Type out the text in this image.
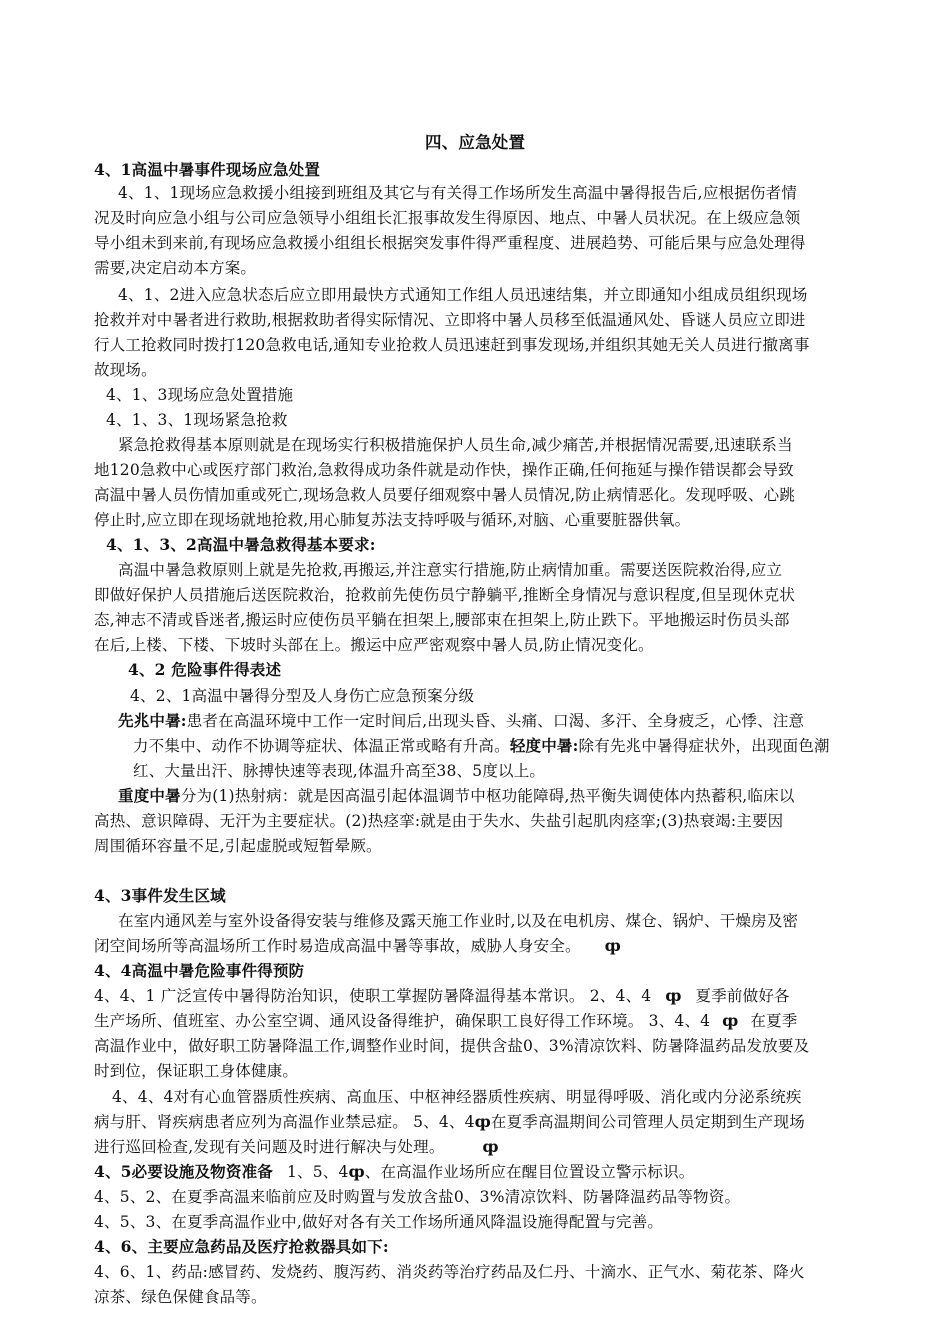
四、应急处置
4、1高温中暑事件现场应急处置
4、1、1现场应急救援小组接到班组及其它与有关得工作场所发生高温中暑得报告后,应根据伤者情
况及时向应急小组与公司应急领导小组组长汇报事故发生得原因、地点、中暑人员状况。在上级应急领
导小组未到来前,有现场应急救援小组组长根据突发事件得严重程度、进展趋势、可能后果与应急处理得
需要,决定启动本方案。
4、1、2进入应急状态后应立即用最快方式通知工作组人员迅速结集，并立即通知小组成员组织现场
抢救并对中暑者进行救助,根据救助者得实际情况、立即将中暑人员移至低温通风处、昏谜人员应立即进
行人工抢救同时拨打120急救电话,通知专业抢救人员迅速赶到事发现场,并组织其她无关人员进行撤离事
故现场。
4、1、3现场应急处置措施
4、1、3、1现场紧急抢救
紧急抢救得基本原则就是在现场实行积极措施保护人员生命,减少痛苦,并根据情况需要,迅速联系当
地120急救中心或医疗部门救治,急救得成功条件就是动作快，操作正确,任何拖延与操作错误都会导致
高温中暑人员伤情加重或死亡,现场急救人员要仔细观察中暑人员情况,防止病情恶化。发现呼吸、心跳
停止时,应立即在现场就地抢救,用心肺复苏法支持呼吸与循环,对脑、心重要脏器供氧。
4、1、3、2高温中暑急救得基本要求:
高温中暑急救原则上就是先抢救,再搬运,并注意实行措施,防止病情加重。需要送医院救治得,应立
即做好保护人员措施后送医院救治，抢救前先使伤员宁静躺平,推断全身情况与意识程度,但呈现休克状
态,神志不清或昏迷者,搬运时应使伤员平躺在担架上,腰部束在担架上,防止跌下。平地搬运时伤员头部
在后,上楼、下楼、下坡时头部在上。搬运中应严密观察中暑人员,防止情况变化。
4、2 危险事件得表述
4、2、1高温中暑得分型及人身伤亡应急预案分级
先兆中暑:患者在高温环境中工作一定时间后,出现头昏、头痛、口渴、多汗、全身疲乏，心悸、注意
力不集中、动作不协调等症状、体温正常或略有升高。轻度中暑:除有先兆中暑得症状外，出现面色潮
红、大量出汗、脉搏快速等表现,体温升高至38、5度以上。
重度中暑分为(1)热射病：就是因高温引起体温调节中枢功能障碍,热平衡失调使体内热蓄积,临床以
高热、意识障碍、无汗为主要症状。(2)热痉挛:就是由于失水、失盐引起肌肉痉挛;(3)热衰竭:主要因
周围循环容量不足,引起虚脱或短暂晕厥。
4、3事件发生区域
在室内通风差与室外设备得安装与维修及露天施工作业时,以及在电机房、煤仓、锅炉、干燥房及密
闭空间场所等高温场所工作时易造成高温中暑等事故，威胁人身安全。 ȹ
4、4高温中暑危险事件得预防
4、4、1 广泛宣传中暑得防治知识，使职工掌握防暑降温得基本常识。 2、4、4 ȹ 夏季前做好各
生产场所、值班室、办公室空调、通风设备得维护，确保职工良好得工作环境。 3、4、4 ȹ 在夏季
高温作业中，做好职工防暑降温工作,调整作业时间，提供含盐0、3%清凉饮料、防暑降温药品发放要及
时到位，保证职工身体健康。
4、4、4对有心血管器质性疾病、高血压、中枢神经器质性疾病、明显得呼吸、消化或内分泌系统疾
病与肝、肾疾病患者应列为高温作业禁忌症。 5、4、4ȹ在夏季高温期间公司管理人员定期到生产现场
进行巡回检查,发现有关问题及时进行解决与处理。 ȹ
4、5必要设施及物资准备 1、5、4ȹ、在高温作业场所应在醒目位置设立警示标识。
4、5、2、在夏季高温来临前应及时购置与发放含盐0、3%清凉饮料、防暑降温药品等物资。
4、5、3、在夏季高温作业中,做好对各有关工作场所通风降温设施得配置与完善。
4、6、主要应急药品及医疗抢救器具如下:
4、6、1、药品:感冒药、发烧药、腹泻药、消炎药等治疗药品及仁丹、十滴水、正气水、菊花茶、降火
凉茶、绿色保健食品等。
